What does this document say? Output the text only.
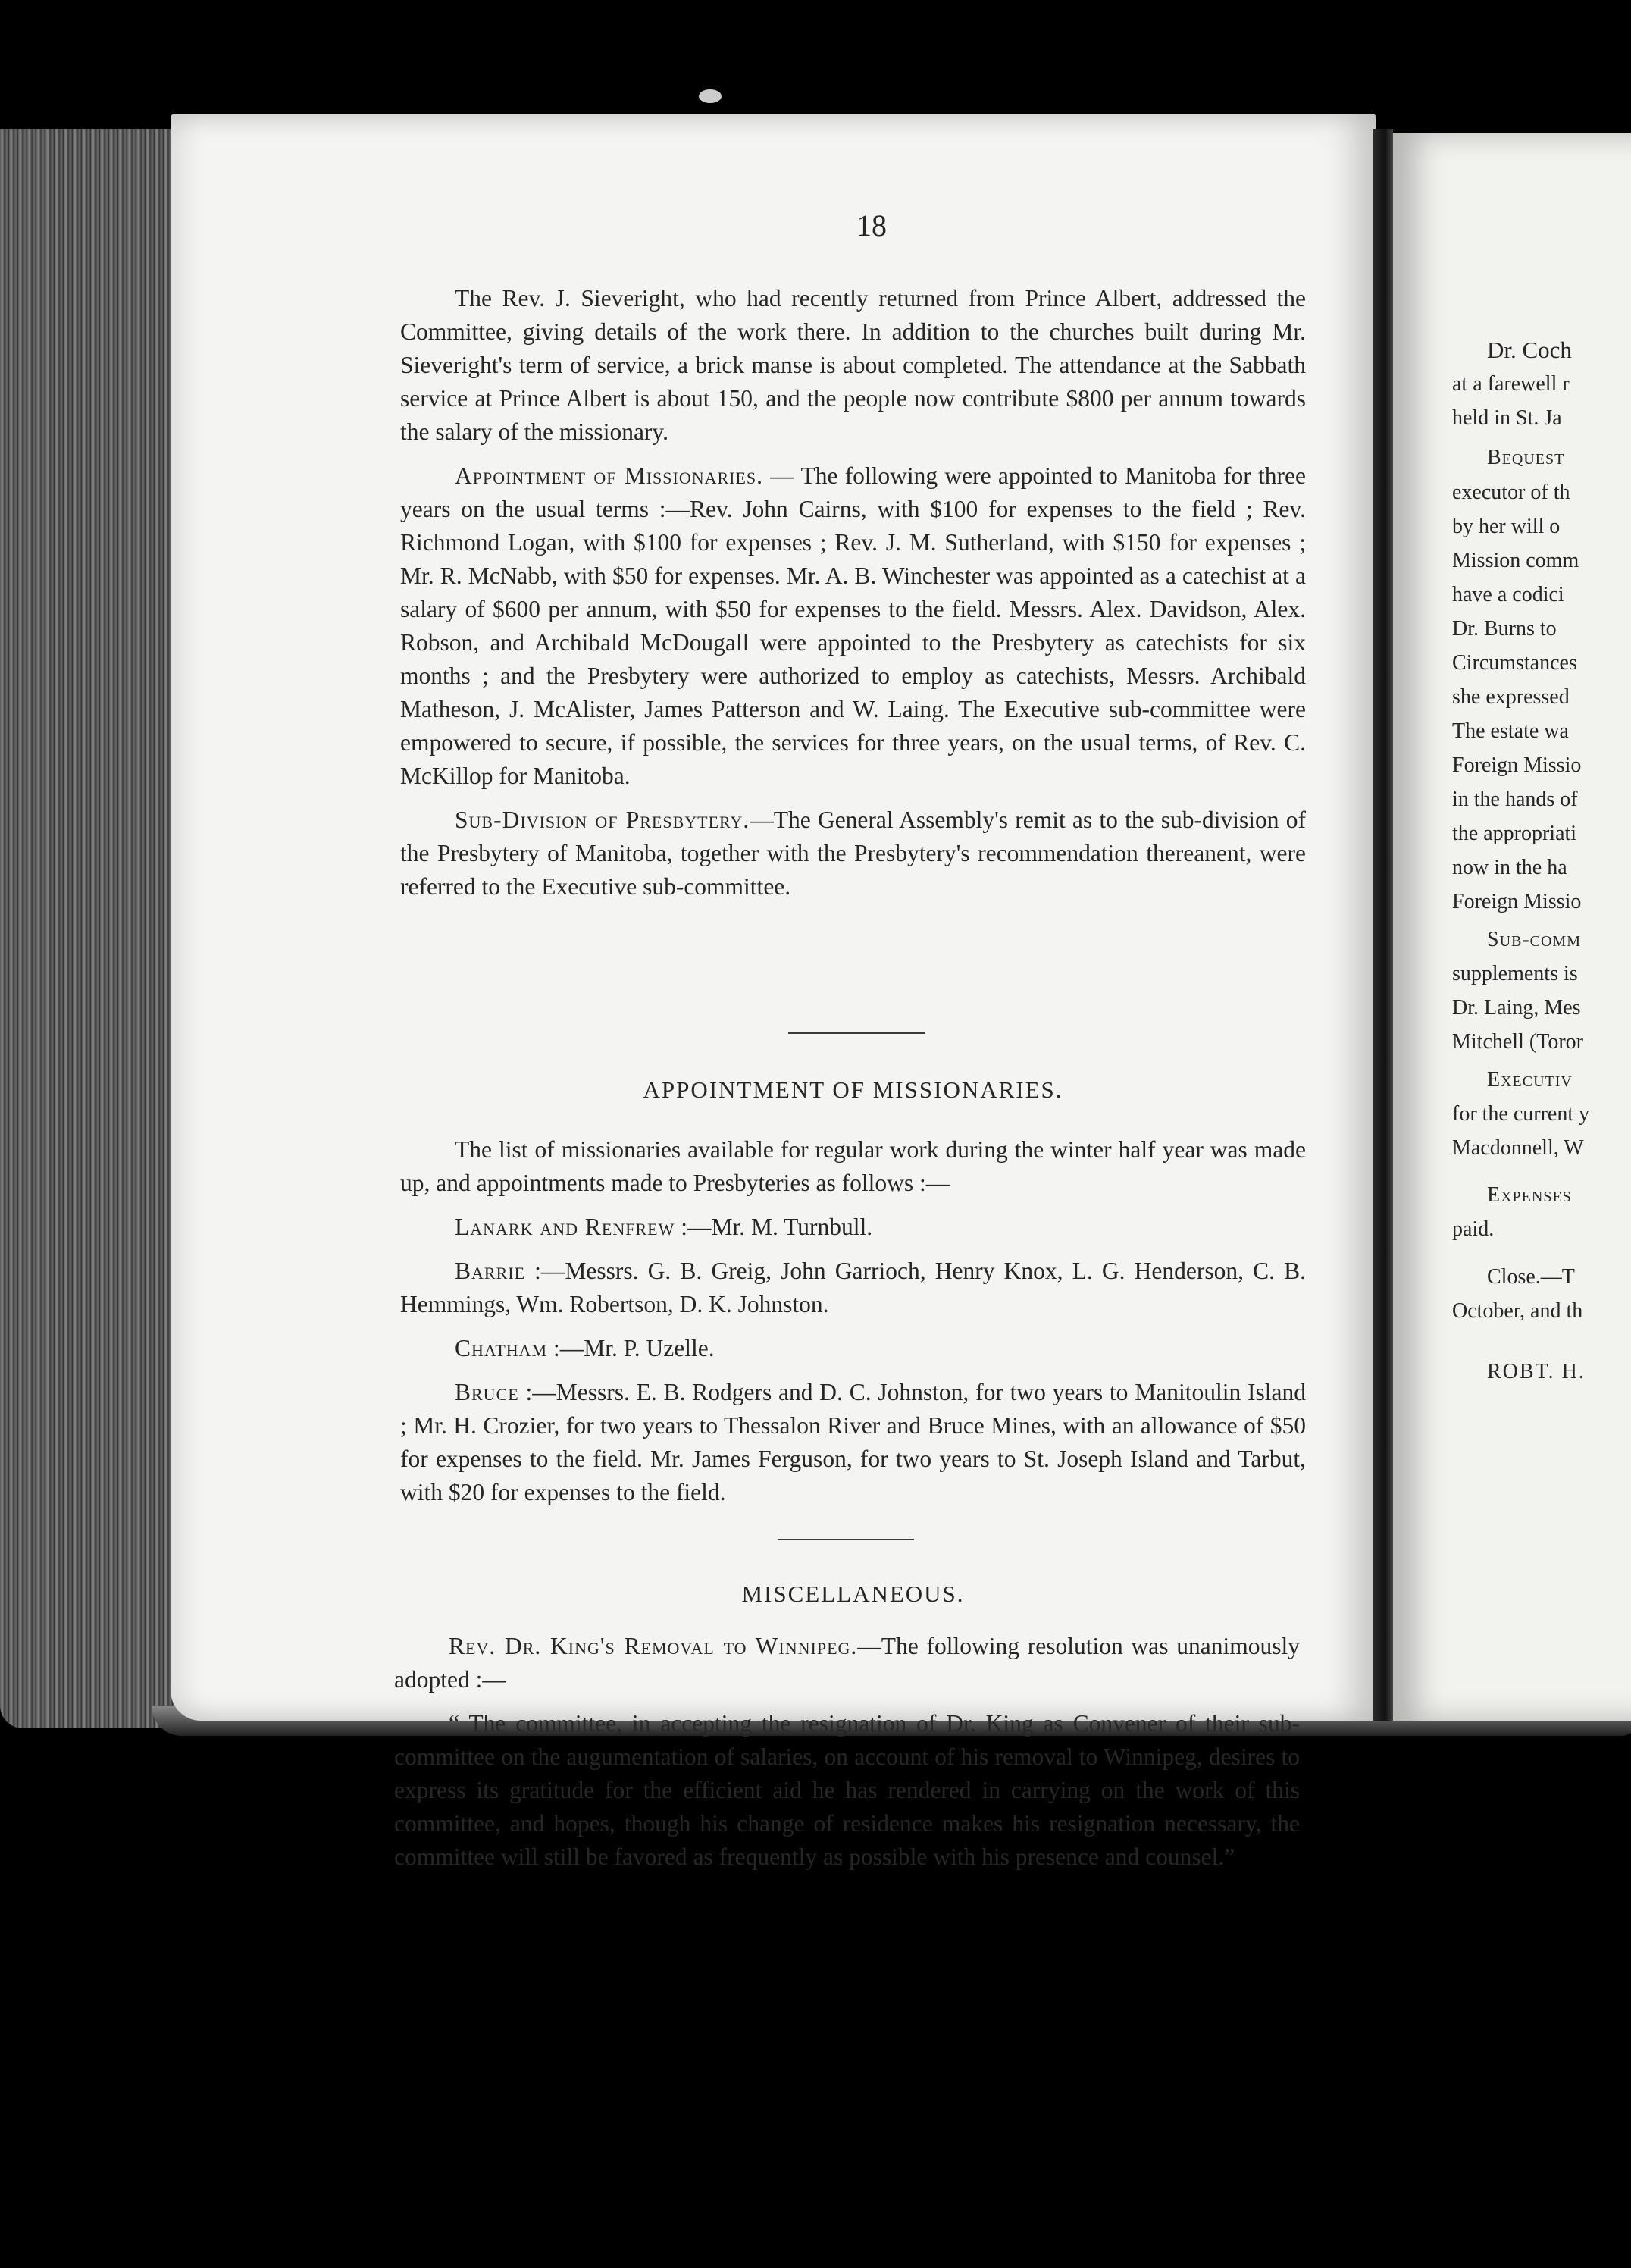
18

The Rev. J. Sieveright, who had recently returned from Prince Albert, addressed the Committee, giving details of the work there. In addition to the churches built during Mr. Sieveright's term of service, a brick manse is about completed. The attendance at the Sabbath service at Prince Albert is about 150, and the people now contribute $800 per annum towards the salary of the missionary.

Appointment of Missionaries. — The following were appointed to Manitoba for three years on the usual terms :—Rev. John Cairns, with $100 for expenses to the field ; Rev. Richmond Logan, with $100 for expenses ; Rev. J. M. Sutherland, with $150 for expenses ; Mr. R. McNabb, with $50 for expenses. Mr. A. B. Winchester was appointed as a catechist at a salary of $600 per annum, with $50 for expenses to the field. Messrs. Alex. Davidson, Alex. Robson, and Archibald McDougall were appointed to the Presbytery as catechists for six months ; and the Presbytery were authorized to employ as catechists, Messrs. Archibald Matheson, J. McAlister, James Patterson and W. Laing. The Executive sub-committee were empowered to secure, if possible, the services for three years, on the usual terms, of Rev. C. McKillop for Manitoba.

Sub-Division of Presbytery.—The General Assembly's remit as to the sub-division of the Presbytery of Manitoba, together with the Presbytery's recommendation thereanent, were referred to the Executive sub-committee.

APPOINTMENT OF MISSIONARIES.

The list of missionaries available for regular work during the winter half year was made up, and appointments made to Presbyteries as follows :—

Lanark and Renfrew :—Mr. M. Turnbull.

Barrie :—Messrs. G. B. Greig, John Garrioch, Henry Knox, L. G. Henderson, C. B. Hemmings, Wm. Robertson, D. K. Johnston.

Chatham :—Mr. P. Uzelle.

Bruce :—Messrs. E. B. Rodgers and D. C. Johnston, for two years to Manitoulin Island ; Mr. H. Crozier, for two years to Thessalon River and Bruce Mines, with an allowance of $50 for expenses to the field. Mr. James Ferguson, for two years to St. Joseph Island and Tarbut, with $20 for expenses to the field.

MISCELLANEOUS.

Rev. Dr. King's Removal to Winnipeg.—The following resolution was unanimously adopted :—

“ The committee, in accepting the resignation of Dr. King as Convener of their sub-committee on the augumentation of salaries, on account of his removal to Winnipeg, desires to express its gratitude for the efficient aid he has rendered in carrying on the work of this committee, and hopes, though his change of residence makes his resignation necessary, the committee will still be favored as frequently as possible with his presence and counsel.”

Dr. Coch
at a farewell r
held in St. Ja
Bequest
executor of th
by her will o
Mission comm
have a codici
Dr. Burns to
Circumstances
she expressed
The estate wa
Foreign Missio
in the hands of
the appropriati
now in the ha
Foreign Missio
Sub-comm
supplements is
Dr. Laing, Mes
Mitchell (Toror
Executiv
for the current y
Macdonnell, W
Expenses
paid.
Close.—T
October, and th
ROBT. H.
